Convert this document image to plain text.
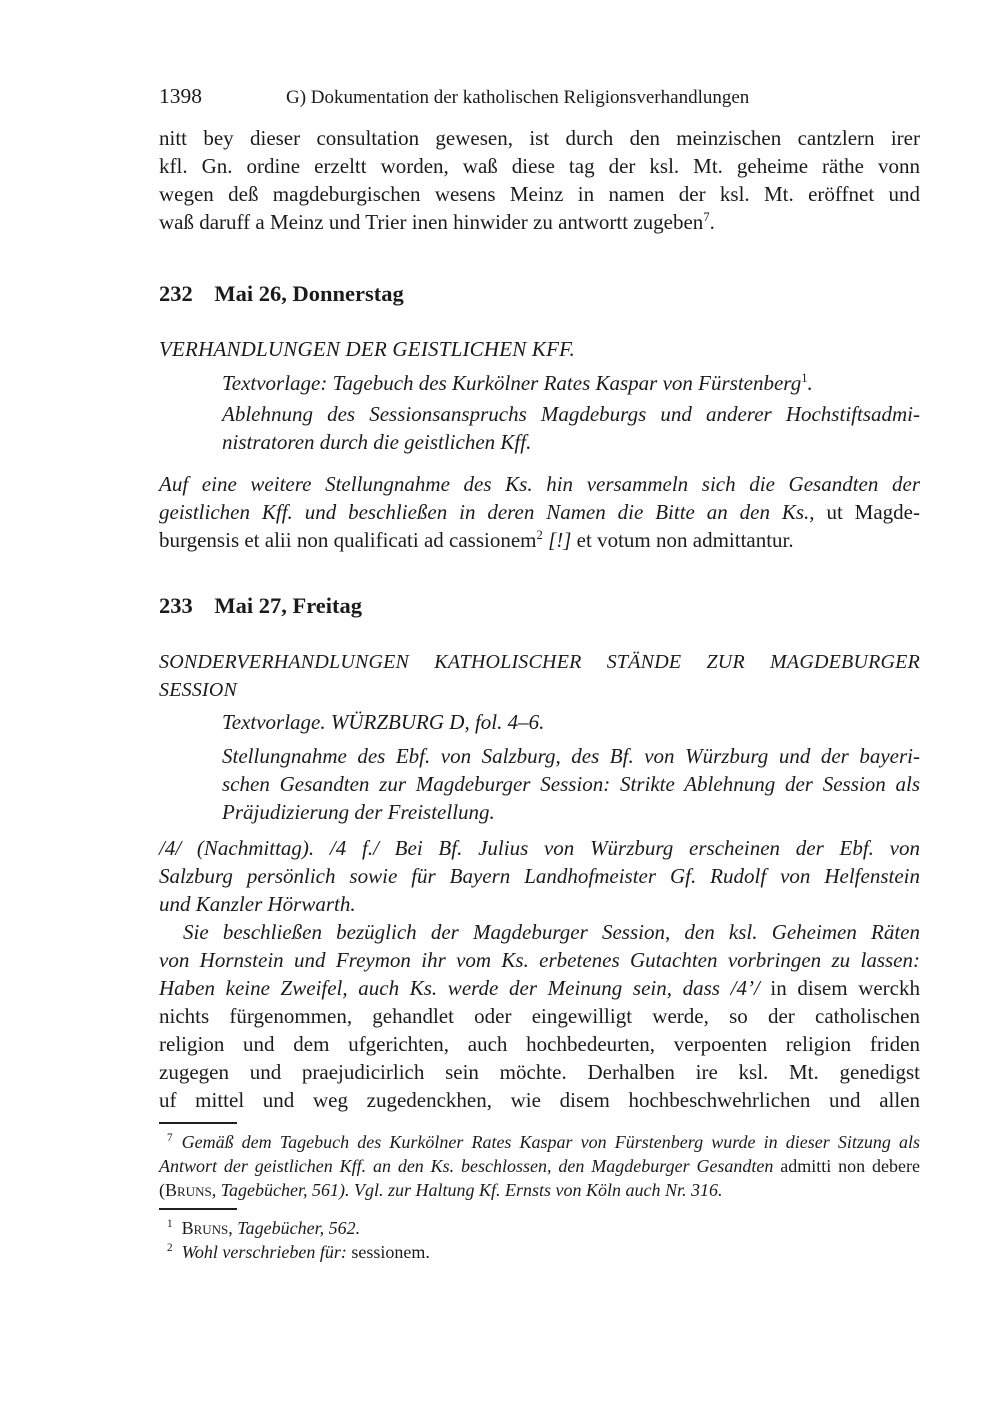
1398	G) Dokumentation der katholischen Religionsverhandlungen
nitt bey dieser consultation gewesen, ist durch den meinzischen cantzlern irer
kfl. Gn. ordine erzeltt worden, waß diese tag der ksl. Mt. geheime räthe vonn
wegen deß magdeburgischen wesens Meinz in namen der ksl. Mt. eröffnet und
waß daruff a Meinz und Trier inen hinwider zu antwortt zugeben$^7$.
232 Mai 26, Donnerstag
VERHANDLUNGEN DER GEISTLICHEN KFF.
Textvorlage: Tagebuch des Kurkölner Rates Kaspar von Fürstenberg$^1$.
Ablehnung des Sessionsanspruchs Magdeburgs und anderer Hochstiftsadmi-
nistratoren durch die geistlichen Kff.
Auf eine weitere Stellungnahme des Ks. hin versammeln sich die Gesandten der
geistlichen Kff. und beschließen in deren Namen die Bitte an den Ks., ut Magde-
burgensis et alii non qualificati ad cassionem$^2$ [!] et votum non admittantur.
233 Mai 27, Freitag
SONDERVERHANDLUNGEN KATHOLISCHER STÄNDE ZUR MAGDEBURGER
SESSION
Textvorlage. WÜRZBURG D, fol. 4–6.
Stellungnahme des Ebf. von Salzburg, des Bf. von Würzburg und der bayeri-
schen Gesandten zur Magdeburger Session: Strikte Ablehnung der Session als
Präjudizierung der Freistellung.
/4/ (Nachmittag). /4 f./ Bei Bf. Julius von Würzburg erscheinen der Ebf. von
Salzburg persönlich sowie für Bayern Landhofmeister Gf. Rudolf von Helfenstein
und Kanzler Hörwarth.
Sie beschließen bezüglich der Magdeburger Session, den ksl. Geheimen Räten
von Hornstein und Freymon ihr vom Ks. erbetenes Gutachten vorbringen zu lassen:
Haben keine Zweifel, auch Ks. werde der Meinung sein, dass /4’/ in disem werckh
nichts fürgenommen, gehandlet oder eingewilligt werde, so der catholischen
religion und dem ufgerichten, auch hochbedeurten, verpoenten religion friden
zugegen und praejudicirlich sein möchte. Derhalben ire ksl. Mt. genedigst
uf mittel und weg zugedenckhen, wie disem hochbeschwehrlichen und allen
$^7$ Gemäß dem Tagebuch des Kurkölner Rates Kaspar von Fürstenberg wurde in dieser Sitzung als
Antwort der geistlichen Kff. an den Ks. beschlossen, den Magdeburger Gesandten admitti non debere
(Bruns, Tagebücher, 561). Vgl. zur Haltung Kf. Ernsts von Köln auch Nr. 316.
$^1$ Bruns, Tagebücher, 562.
$^2$ Wohl verschrieben für: sessionem.
